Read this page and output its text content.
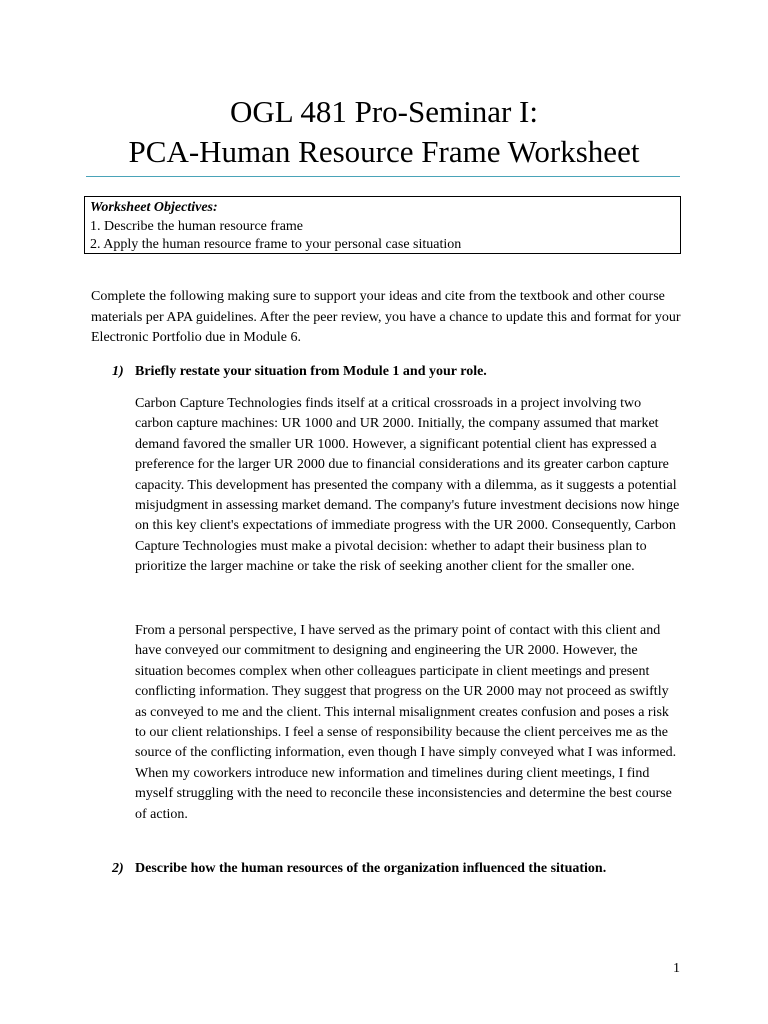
OGL 481 Pro-Seminar I:
PCA-Human Resource Frame Worksheet
Worksheet Objectives:
1. Describe the human resource frame
2. Apply the human resource frame to your personal case situation

Complete the following making sure to support your ideas and cite from the textbook and other course materials per APA guidelines. After the peer review, you have a chance to update this and format for your Electronic Portfolio due in Module 6.

1) Briefly restate your situation from Module 1 and your role.

Carbon Capture Technologies finds itself at a critical crossroads in a project involving two carbon capture machines: UR 1000 and UR 2000. Initially, the company assumed that market demand favored the smaller UR 1000. However, a significant potential client has expressed a preference for the larger UR 2000 due to financial considerations and its greater carbon capture capacity. This development has presented the company with a dilemma, as it suggests a potential misjudgment in assessing market demand. The company's future investment decisions now hinge on this key client's expectations of immediate progress with the UR 2000. Consequently, Carbon Capture Technologies must make a pivotal decision: whether to adapt their business plan to prioritize the larger machine or take the risk of seeking another client for the smaller one.

From a personal perspective, I have served as the primary point of contact with this client and have conveyed our commitment to designing and engineering the UR 2000. However, the situation becomes complex when other colleagues participate in client meetings and present conflicting information. They suggest that progress on the UR 2000 may not proceed as swiftly as conveyed to me and the client. This internal misalignment creates confusion and poses a risk to our client relationships. I feel a sense of responsibility because the client perceives me as the source of the conflicting information, even though I have simply conveyed what I was informed. When my coworkers introduce new information and timelines during client meetings, I find myself struggling with the need to reconcile these inconsistencies and determine the best course of action.

2) Describe how the human resources of the organization influenced the situation.

1
